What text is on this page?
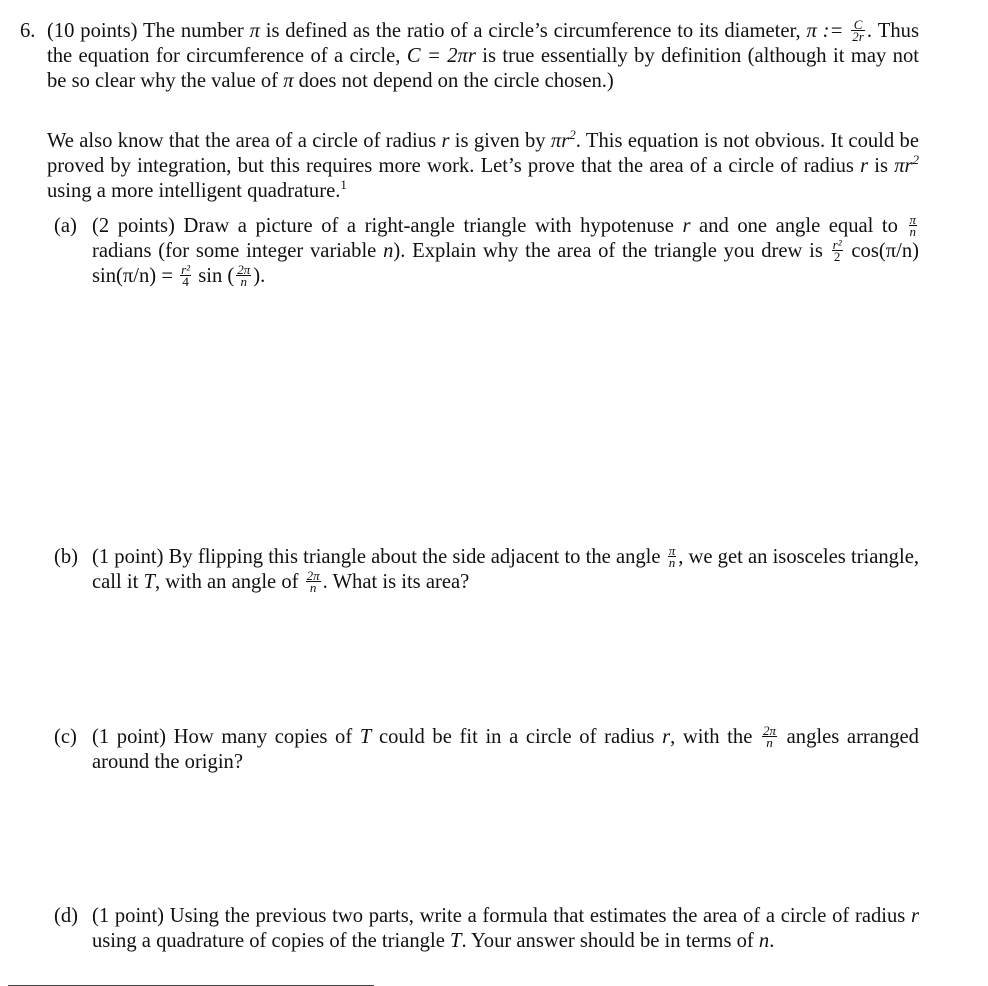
6. (10 points) The number π is defined as the ratio of a circle’s circumference to its diameter, π := $\frac{C}{2r}$ . Thus the equation for circumference of a circle, C = 2πr is true essentially by definition (although it may not be so clear why the value of π does not depend on the circle chosen.)
We also know that the area of a circle of radius r is given by $\pi r^2$. This equation is not obvious. It could be proved by integration, but this requires more work. Let’s prove that the area of a circle of radius r is $\pi r^2$ using a more intelligent quadrature.$^1$
(a) (2 points) Draw a picture of a right-angle triangle with hypotenuse r and one angle equal to $\frac{\pi}{n}$
radians (for some integer variable n). Explain why the area of the triangle you drew is $\frac{\text{r²}}{2} \cos(\pi/n) \sin(\pi/n) = \frac{\text{r²}}{4}$ sin ( $\frac{2\pi}{n}$ ).
(b) (1 point) By flipping this triangle about the side adjacent to the angle $\frac{\pi}{n}$ , we get an isosceles triangle, call it T, with an angle of $\frac{2\pi}{n}$ . What is its area?
(c) (1 point) How many copies of T could be fit in a circle of radius r, with the $\frac{2\pi}{n}$ angles arranged around the origin?
(d) (1 point) Using the previous two parts, write a formula that estimates the area of a circle of radius r using a quadrature of copies of the triangle T. Your answer should be in terms of n.
